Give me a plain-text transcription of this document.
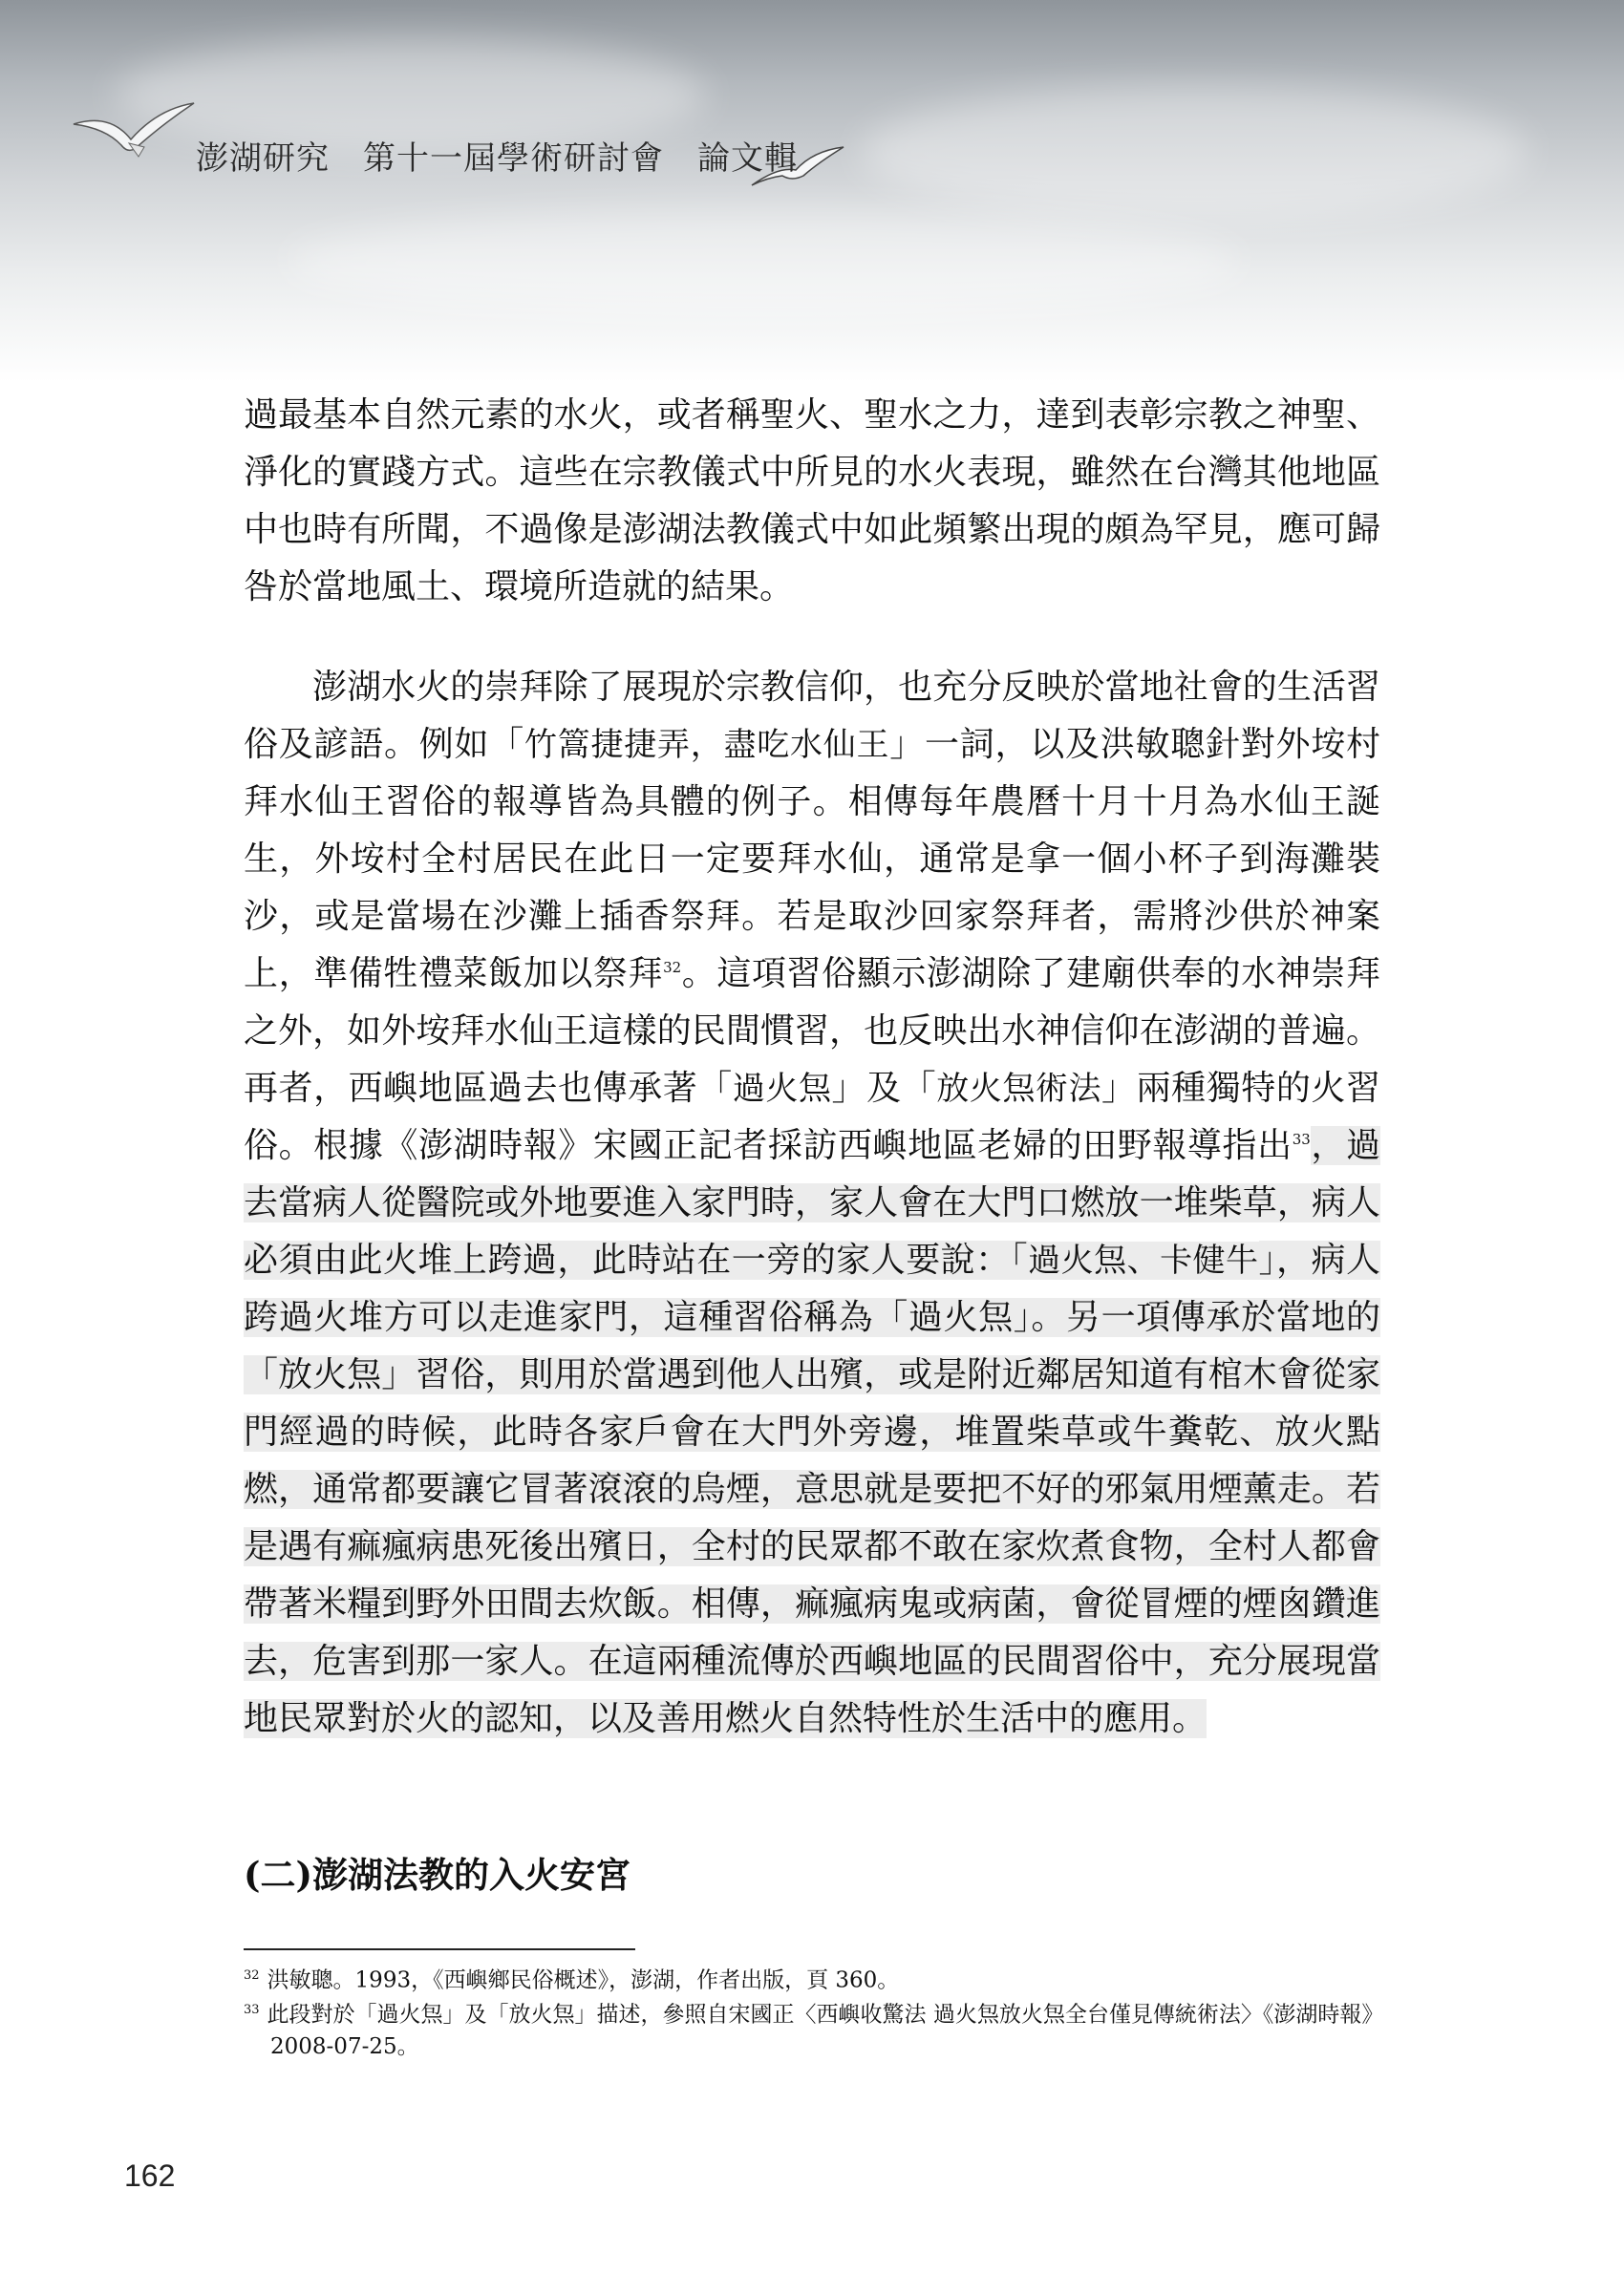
澎湖研究　第十一屆學術研討會　論文輯
過最基本自然元素的水火，或者稱聖火、聖水之力，達到表彰宗教之神聖、淨化的實踐方式。這些在宗教儀式中所見的水火表現，雖然在台灣其他地區中也時有所聞，不過像是澎湖法教儀式中如此頻繁出現的頗為罕見，應可歸咎於當地風土、環境所造就的結果。
澎湖水火的崇拜除了展現於宗教信仰，也充分反映於當地社會的生活習俗及諺語。例如「竹篙捷捷弄，盡吃水仙王」一詞，以及洪敏聰針對外垵村拜水仙王習俗的報導皆為具體的例子。相傳每年農曆十月十月為水仙王誕生，外垵村全村居民在此日一定要拜水仙，通常是拿一個小杯子到海灘裝沙，或是當場在沙灘上插香祭拜。若是取沙回家祭拜者，需將沙供於神案上，準備牲禮菜飯加以祭拜$^{32}$。這項習俗顯示澎湖除了建廟供奉的水神崇拜之外，如外垵拜水仙王這樣的民間慣習，也反映出水神信仰在澎湖的普遍。再者，西嶼地區過去也傳承著「過火炰」及「放火炰術法」兩種獨特的火習俗。根據《澎湖時報》宋國正記者採訪西嶼地區老婦的田野報導指出$^{33}$，過去當病人從醫院或外地要進入家門時，家人會在大門口燃放一堆柴草，病人必須由此火堆上跨過，此時站在一旁的家人要說：「過火炰、卡健牛」，病人跨過火堆方可以走進家門，這種習俗稱為「過火炰」。另一項傳承於當地的「放火炰」習俗，則用於當遇到他人出殯，或是附近鄰居知道有棺木會從家門經過的時候，此時各家戶會在大門外旁邊，堆置柴草或牛糞乾、放火點燃，通常都要讓它冒著滾滾的烏煙，意思就是要把不好的邪氣用煙薰走。若是遇有痲瘋病患死後出殯日，全村的民眾都不敢在家炊煮食物，全村人都會帶著米糧到野外田間去炊飯。相傳，痲瘋病鬼或病菌，會從冒煙的煙囪鑽進去，危害到那一家人。在這兩種流傳於西嶼地區的民間習俗中，充分展現當地民眾對於火的認知，以及善用燃火自然特性於生活中的應用。
(二)澎湖法教的入火安宮
$^{32}$ 洪敏聰。1993，《西嶼鄉民俗概述》，澎湖，作者出版，頁 360。
$^{33}$ 此段對於「過火炰」及「放火炰」描述，參照自宋國正〈西嶼收驚法 過火炰放火炰全台僅見傳統術法〉《澎湖時報》2008-07-25。
162
